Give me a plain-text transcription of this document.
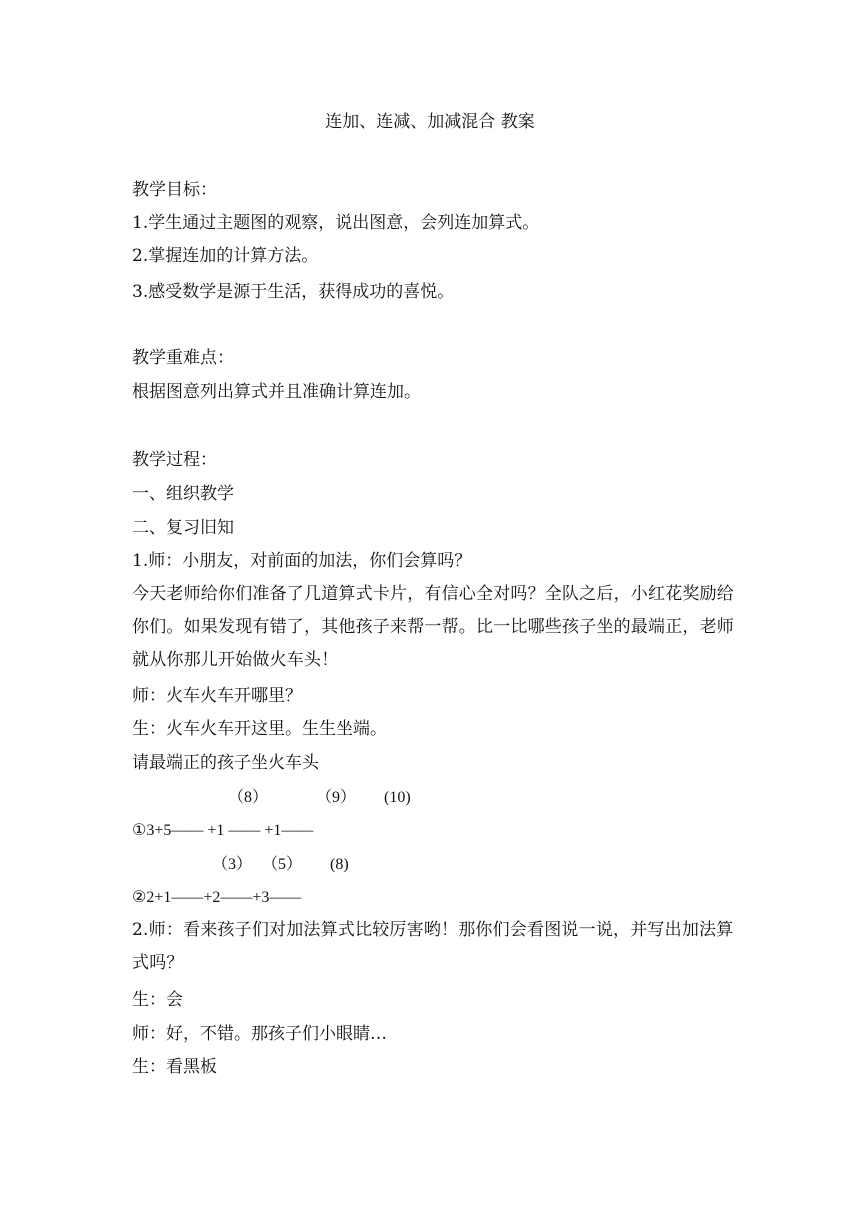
连加、连减、加减混合 教案
教学目标：
1.学生通过主题图的观察，说出图意，会列连加算式。
2.掌握连加的计算方法。
3.感受数学是源于生活，获得成功的喜悦。
教学重难点：
根据图意列出算式并且准确计算连加。
教学过程：
一、组织教学
二、复习旧知
1.师：小朋友，对前面的加法，你们会算吗？
今天老师给你们准备了几道算式卡片，有信心全对吗？全队之后，小红花奖励给你们。如果发现有错了，其他孩子来帮一帮。比一比哪些孩子坐的最端正，老师就从你那儿开始做火车头！
师：火车火车开哪里？
生：火车火车开这里。生生坐端。
请最端正的孩子坐火车头
（8）	（9） (10)
①3+5—— +1 —— +1——
（3） （5） (8)
②2+1——+2——+3——
2.师：看来孩子们对加法算式比较厉害哟！那你们会看图说一说，并写出加法算式吗？
生：会
师：好，不错。那孩子们小眼睛…
生：看黑板
